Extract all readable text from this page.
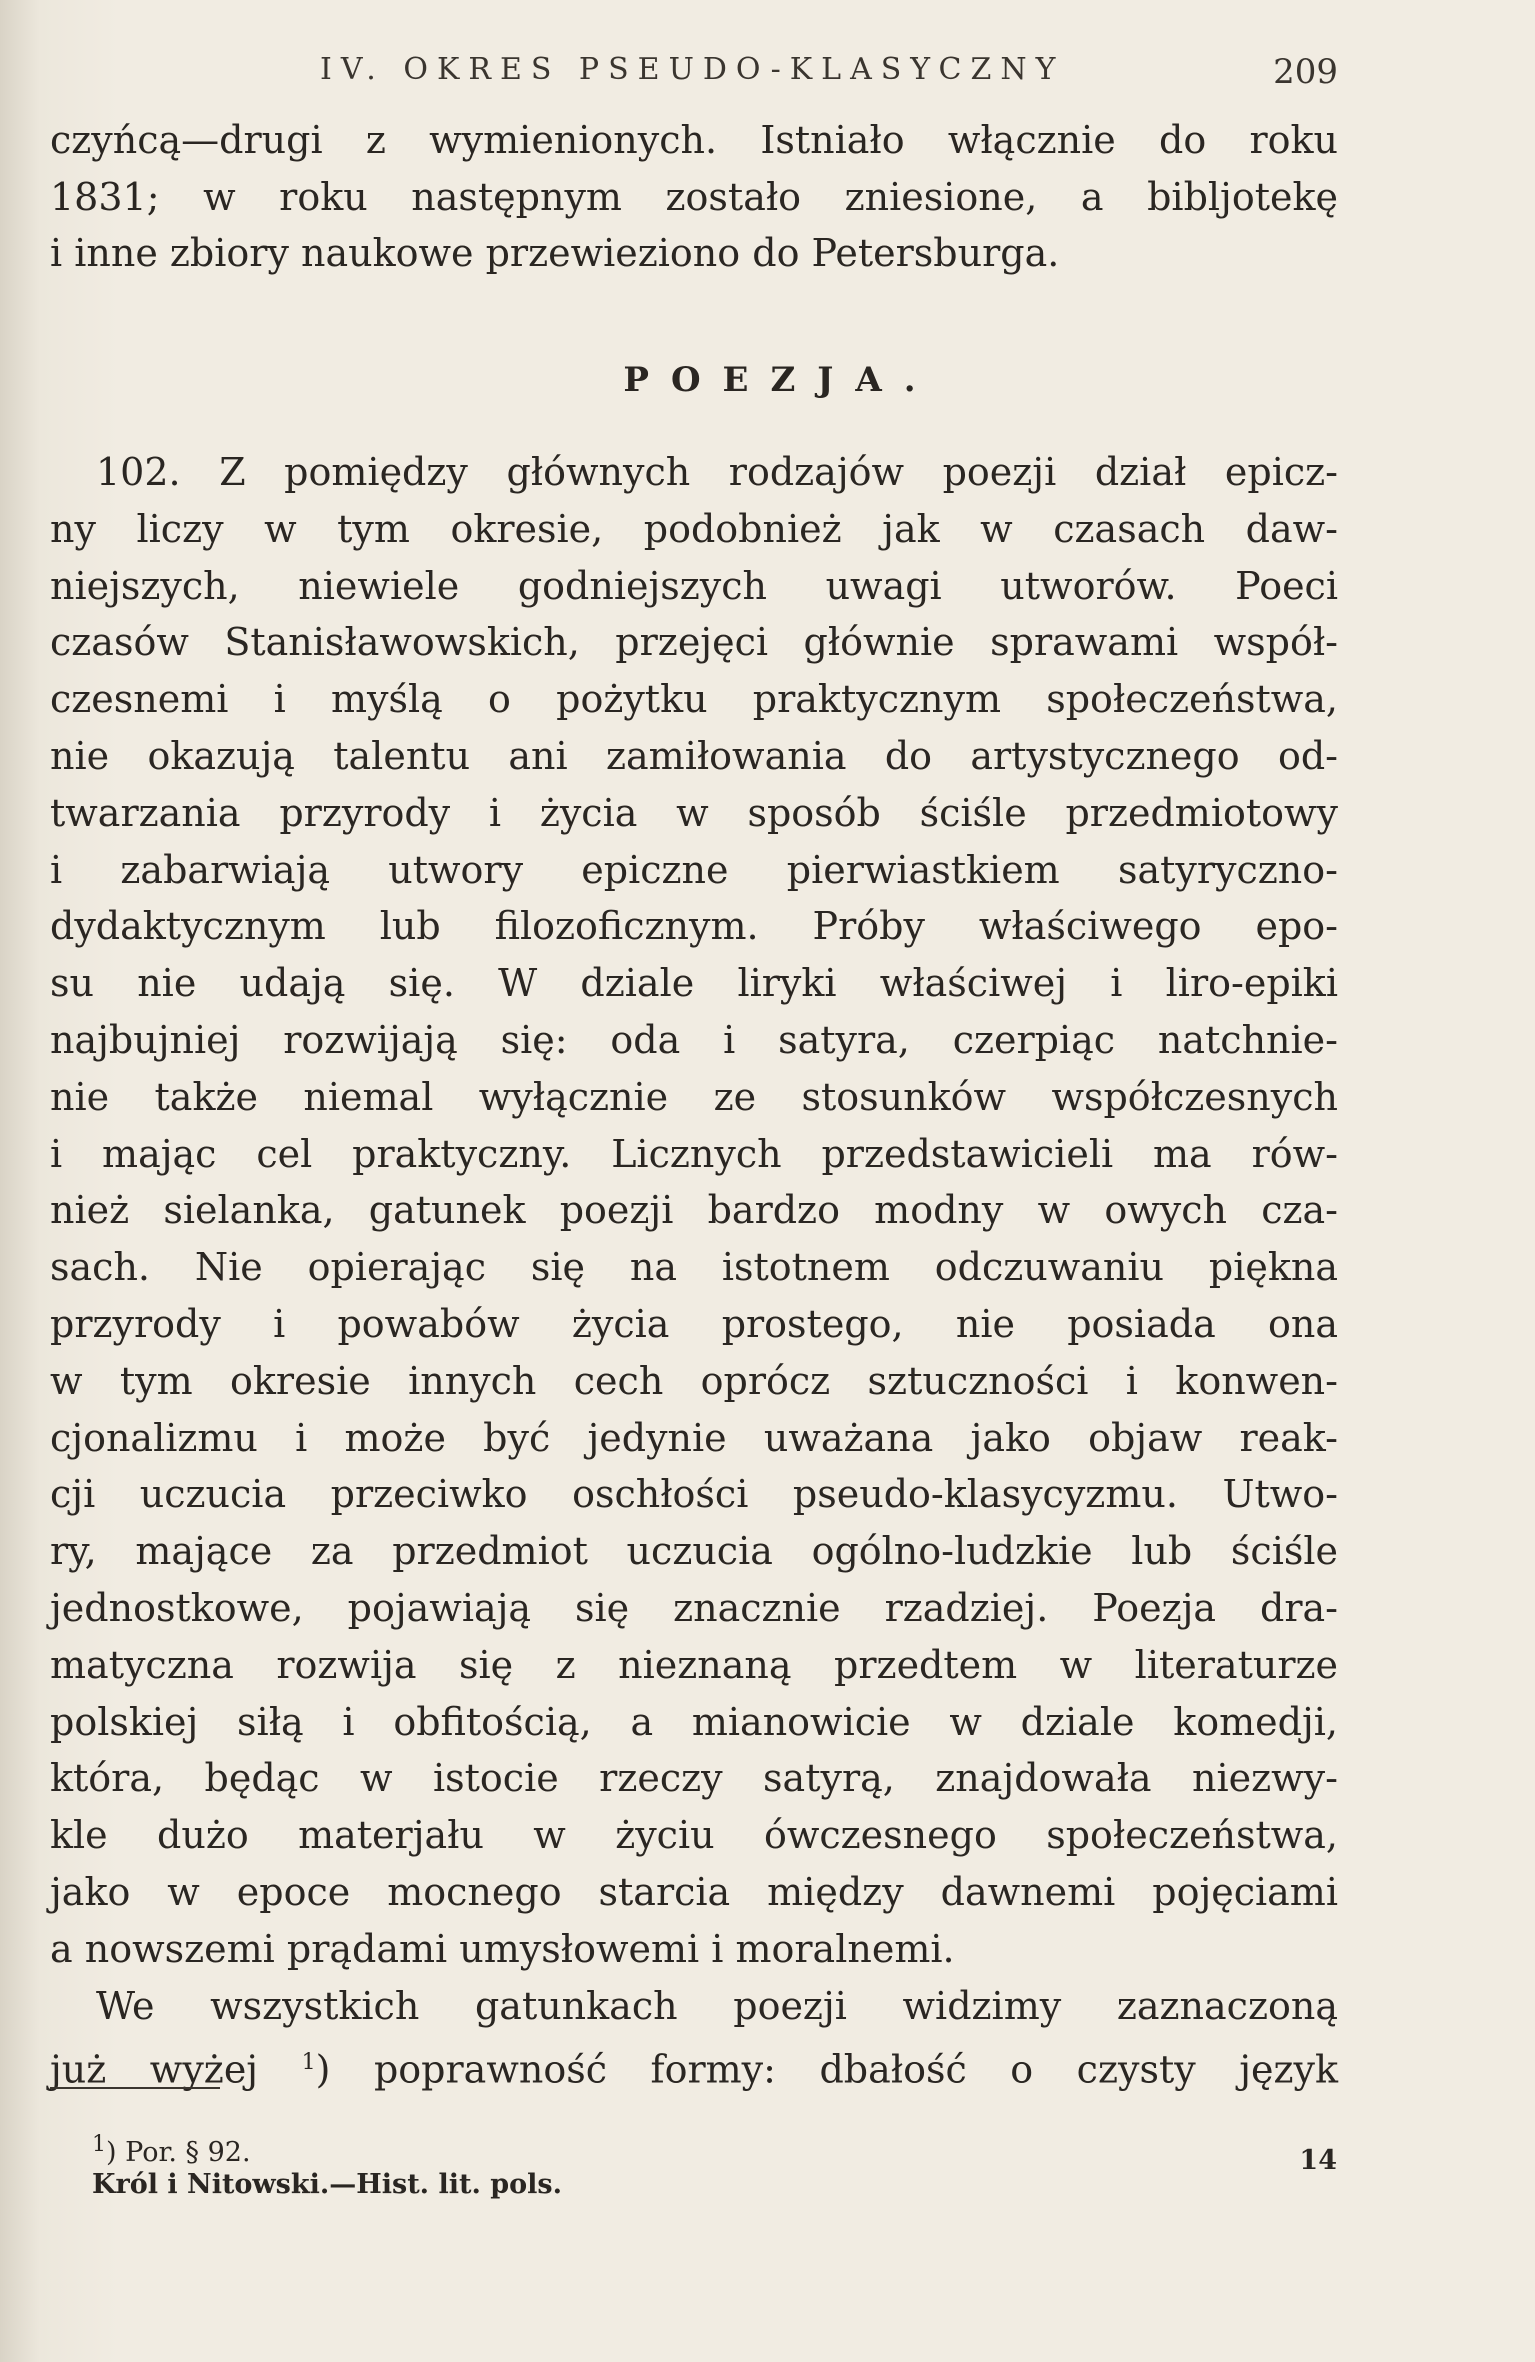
IV. OKRES PSEUDO-KLASYCZNY	209
czyńcą—drugi z wymienionych. Istniało włącznie do roku
1831; w roku następnym zostało zniesione, a bibljotekę
i inne zbiory naukowe przewieziono do Petersburga.
POEZJA.
102. Z pomiędzy głównych rodzajów poezji dział epicz-
ny liczy w tym okresie, podobnież jak w czasach daw-
niejszych, niewiele godniejszych uwagi utworów. Poeci
czasów Stanisławowskich, przejęci głównie sprawami współ-
czesnemi i myślą o pożytku praktycznym społeczeństwa,
nie okazują talentu ani zamiłowania do artystycznego od-
twarzania przyrody i życia w sposób ściśle przedmiotowy
i zabarwiają utwory epiczne pierwiastkiem satyryczno-
dydaktycznym lub filozoficznym. Próby właściwego epo-
su nie udają się. W dziale liryki właściwej i liro-epiki
najbujniej rozwijają się: oda i satyra, czerpiąc natchnie-
nie także niemal wyłącznie ze stosunków współczesnych
i mając cel praktyczny. Licznych przedstawicieli ma rów-
nież sielanka, gatunek poezji bardzo modny w owych cza-
sach. Nie opierając się na istotnem odczuwaniu piękna
przyrody i powabów życia prostego, nie posiada ona
w tym okresie innych cech oprócz sztuczności i konwen-
cjonalizmu i może być jedynie uważana jako objaw reak-
cji uczucia przeciwko oschłości pseudo-klasycyzmu. Utwo-
ry, mające za przedmiot uczucia ogólno-ludzkie lub ściśle
jednostkowe, pojawiają się znacznie rzadziej. Poezja dra-
matyczna rozwija się z nieznaną przedtem w literaturze
polskiej siłą i obfitością, a mianowicie w dziale komedji,
która, będąc w istocie rzeczy satyrą, znajdowała niezwy-
kle dużo materjału w życiu ówczesnego społeczeństwa,
jako w epoce mocnego starcia między dawnemi pojęciami
a nowszemi prądami umysłowemi i moralnemi.
We wszystkich gatunkach poezji widzimy zaznaczoną
już wyżej $^1$) poprawność formy: dbałość o czysty język
$^1$) Por. § 92.
Król i Nitowski.—Hist. lit. pols.
14
